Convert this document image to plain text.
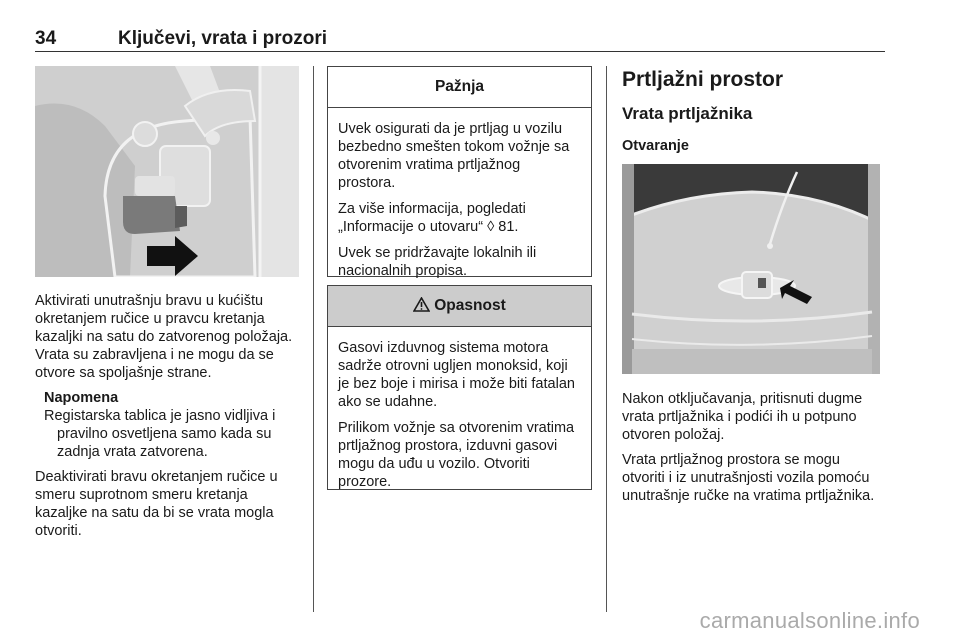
34	Ključevi, vrata i prozori

Aktivirati unutrašnju bravu u kućištu okretanjem ručice u pravcu kretanja kazaljki na satu do zatvorenog položaja. Vrata su zabravljena i ne mogu da se otvore sa spoljašnje strane.

Napomena

Registarska tablica je jasno vidljiva i pravilno osvetljena samo kada su zadnja vrata zatvorena.

Deaktivirati bravu okretanjem ručice u smeru suprotnom smeru kretanja kazaljke na satu da bi se vrata mogla otvoriti.

Pažnja

Uvek osigurati da je prtljag u vozilu bezbedno smešten tokom vožnje sa otvorenim vratima prtljažnog prostora.

Za više informacija, pogledati „Informacije o utovaru“ ◊ 81.

Uvek se pridržavajte lokalnih ili nacionalnih propisa.

Opasnost

Gasovi izduvnog sistema motora sadrže otrovni ugljen monoksid, koji je bez boje i mirisa i može biti fatalan ako se udahne.

Prilikom vožnje sa otvorenim vratima prtljažnog prostora, izduvni gasovi mogu da uđu u vozilo. Otvoriti prozore.

Prtljažni prostor
Vrata prtljažnika
Otvaranje

Nakon otključavanja, pritisnuti dugme vrata prtljažnika i podići ih u potpuno otvoren položaj.

Vrata prtljažnog prostora se mogu otvoriti i iz unutrašnjosti vozila pomoću unutrašnje ručke na vratima prtljažnika.

carmanualsonline.info
